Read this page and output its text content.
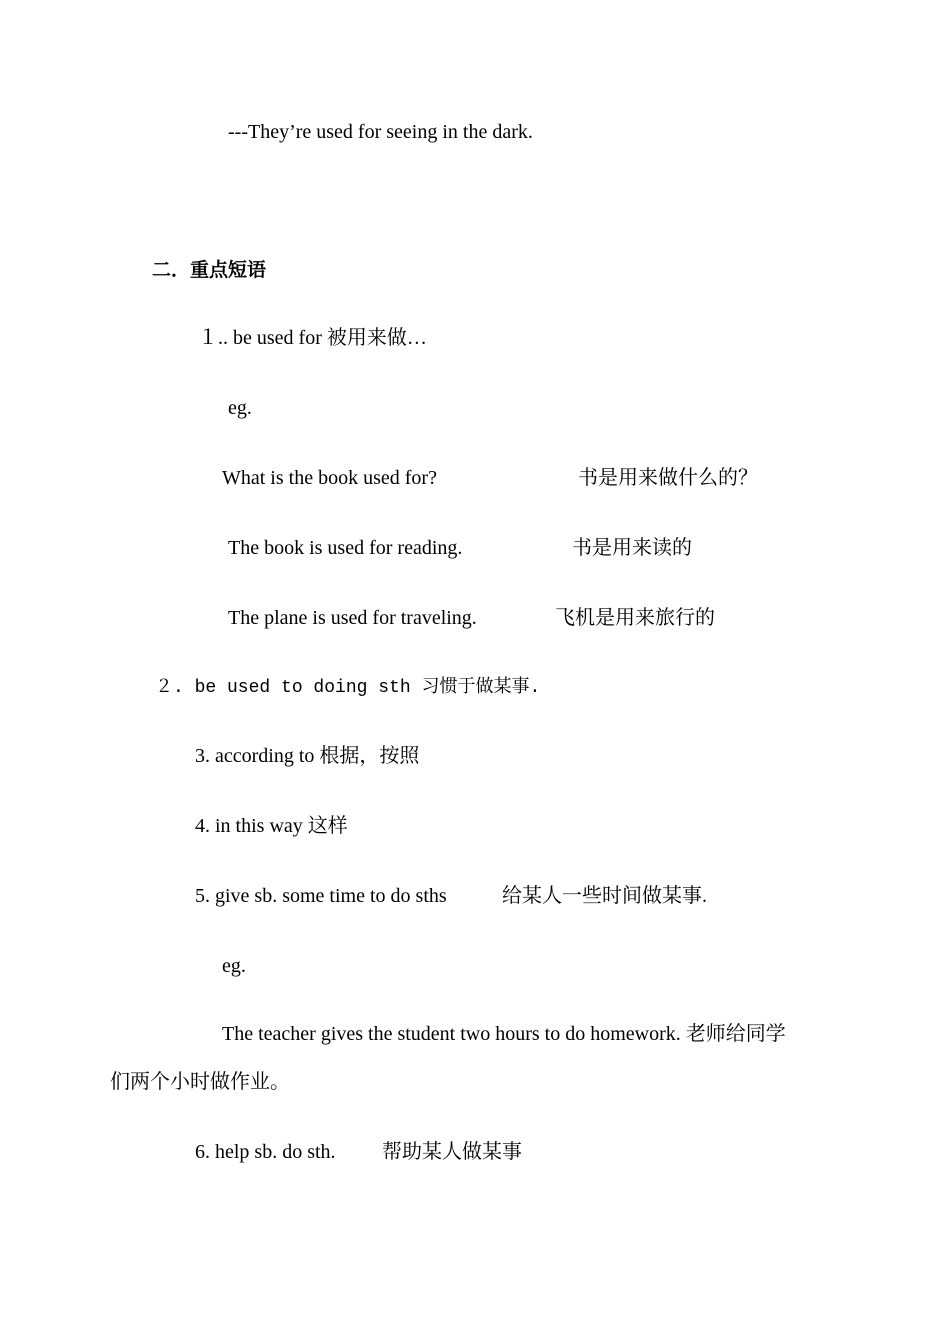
---They’re used for seeing in the dark.
二．重点短语
１.. be used for 被用来做…
eg.
What is the book used for?	书是用来做什么的？
The book is used for reading.	书是用来读的
The plane is used for traveling.	飞机是用来旅行的
２. be used to doing sth 习惯于做某事.
3. according to 根据，按照
4. in this way 这样
5. give sb. some time to do sths	给某人一些时间做某事.
eg.
The teacher gives the student two hours to do homework. 老师给同学
们两个小时做作业。
6. help sb. do sth. 帮助某人做某事
